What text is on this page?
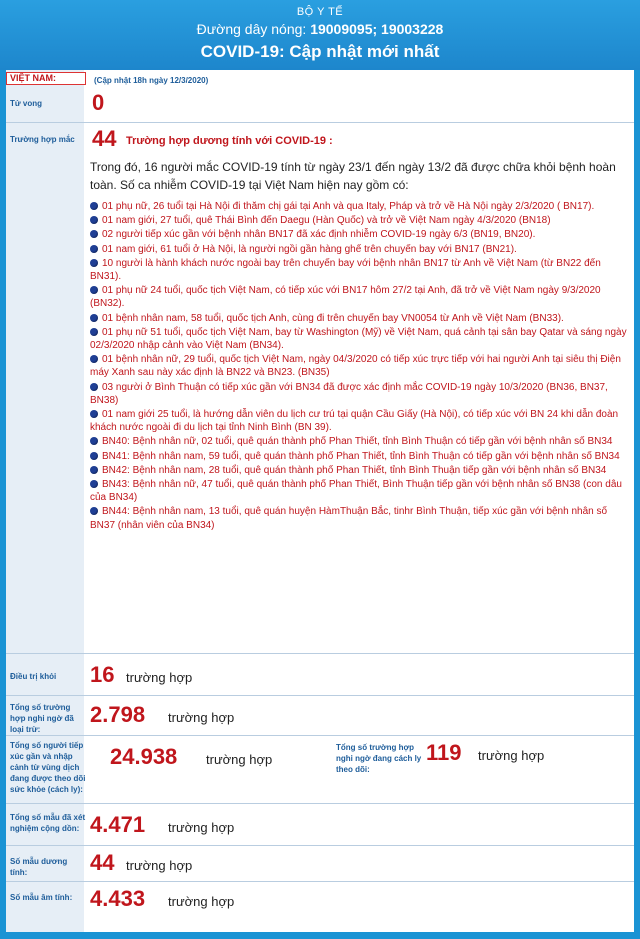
BỘ Y TẾ
Đường dây nóng: 19009095; 19003228
COVID-19: Cập nhật mới nhất
VIỆT NAM:	(Cập nhật 18h ngày 12/3/2020)
Tử vong	0
Trường hợp mắc 44 Trường hợp dương tính với COVID-19 :
Trong đó, 16 người mắc COVID-19 tính từ ngày 23/1 đến ngày 13/2 đã được chữa khỏi bệnh hoàn toàn. Số ca nhiễm COVID-19 tại Việt Nam hiện nay gồm có:
01 phụ nữ, 26 tuổi tại Hà Nội đi thăm chị gái tại Anh và qua Italy, Pháp và trở về Hà Nội ngày 2/3/2020 ( BN17).
01 nam giới, 27 tuổi, quê Thái Bình đến Daegu (Hàn Quốc) và trở về Việt Nam ngày 4/3/2020 (BN18)
02 người tiếp xúc gần với bệnh nhân BN17 đã xác định nhiễm COVID-19 ngày 6/3 (BN19, BN20).
01 nam giới, 61 tuổi ở Hà Nội, là người ngồi gần hàng ghế trên chuyến bay với BN17 (BN21).
10 người là hành khách nước ngoài bay trên chuyến bay với bệnh nhân BN17 từ Anh về Việt Nam (từ BN22 đến BN31).
01 phụ nữ 24 tuổi, quốc tịch Việt Nam, có tiếp xúc với BN17 hôm 27/2 tại Anh, đã trở về Việt Nam ngày 9/3/2020 (BN32).
01 bệnh nhân nam, 58 tuổi, quốc tịch Anh, cùng đi trên chuyến bay VN0054 từ Anh về Việt Nam (BN33).
01 phụ nữ 51 tuổi, quốc tịch Việt Nam, bay từ Washington (Mỹ) về Việt Nam, quá cảnh tại sân bay Qatar và sáng ngày 02/3/2020 nhập cảnh vào Việt Nam (BN34).
01 bệnh nhân nữ, 29 tuổi, quốc tịch Việt Nam, ngày 04/3/2020 có tiếp xúc trực tiếp với hai người Anh tại siêu thị Điện máy Xanh sau này xác định là BN22 và BN23. (BN35)
03 người ở Bình Thuận có tiếp xúc gần với BN34 đã được xác định mắc COVID-19 ngày 10/3/2020 (BN36, BN37, BN38)
01 nam giới 25 tuổi, là hướng dẫn viên du lịch cư trú tại quận Cầu Giấy (Hà Nội), có tiếp xúc với BN 24 khi dẫn đoàn khách nước ngoài đi du lịch tại tỉnh Ninh Bình (BN 39).
BN40: Bệnh nhân nữ, 02 tuổi, quê quán thành phố Phan Thiết, tỉnh Bình Thuận có tiếp gần với bệnh nhân số BN34
BN41: Bệnh nhân nam, 59 tuổi, quê quán thành phố Phan Thiết, tỉnh Bình Thuận có tiếp gần với bệnh nhân số BN34
BN42: Bệnh nhân nam, 28 tuổi, quê quán thành phố Phan Thiết, tỉnh Bình Thuận tiếp gần với bệnh nhân số BN34
BN43: Bệnh nhân nữ, 47 tuổi, quê quán thành phố Phan Thiết, Bình Thuận tiếp gần với bệnh nhân số BN38 (con dâu của BN34)
BN44: Bệnh nhân nam, 13 tuổi, quê quán huyện HàmThuận Bắc, tinhr Bình Thuận, tiếp xúc gần với bệnh nhân số BN37 (nhân viên của BN34)
Điều trị khỏi	16 trường hợp
Tổng số trường hợp nghi ngờ đã loại trừ:
2.798 trường hợp
Tổng số người tiếp xúc gần và nhập cảnh từ vùng dịch đang được theo dõi sức khỏe (cách ly):
24.938 trường hợp
Tổng số trường hợp nghi ngờ đang cách ly theo dõi:
119 trường hợp
Tổng số mẫu đã xét nghiệm cộng dồn: 4.471 trường hợp
Số mẫu dương tính:	44 trường hợp
Số mẫu âm tính: 4.433 trường hợp
